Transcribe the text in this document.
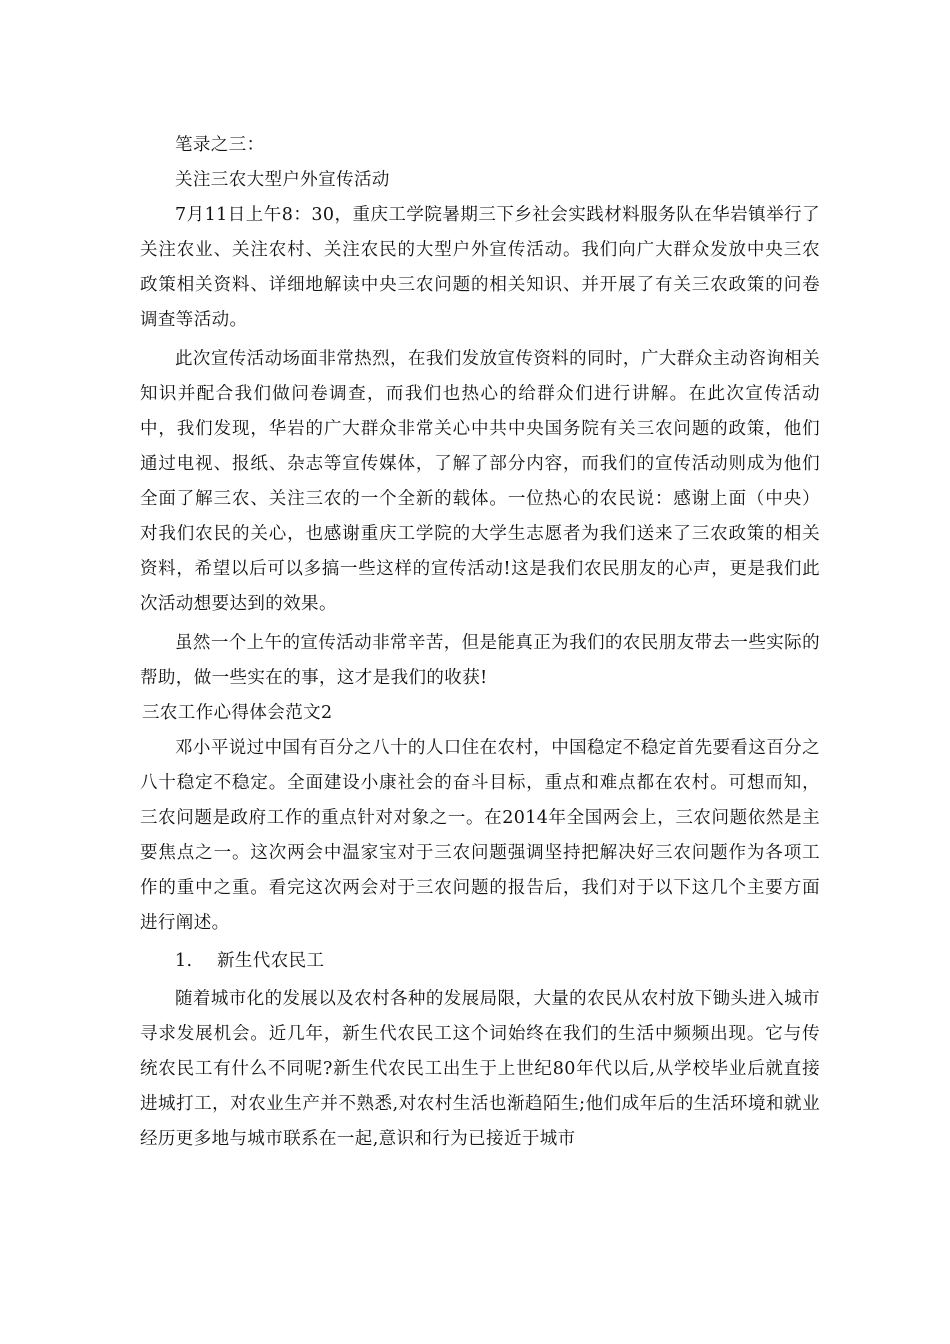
笔录之三：

关注三农大型户外宣传活动

7月11日上午8：30，重庆工学院暑期三下乡社会实践材料服务队在华岩镇举行了关注农业、关注农村、关注农民的大型户外宣传活动。我们向广大群众发放中央三农政策相关资料、详细地解读中央三农问题的相关知识、并开展了有关三农政策的问卷调查等活动。

此次宣传活动场面非常热烈，在我们发放宣传资料的同时，广大群众主动咨询相关知识并配合我们做问卷调查，而我们也热心的给群众们进行讲解。在此次宣传活动中，我们发现，华岩的广大群众非常关心中共中央国务院有关三农问题的政策，他们通过电视、报纸、杂志等宣传媒体，了解了部分内容，而我们的宣传活动则成为他们全面了解三农、关注三农的一个全新的载体。一位热心的农民说：感谢上面（中央）对我们农民的关心，也感谢重庆工学院的大学生志愿者为我们送来了三农政策的相关资料，希望以后可以多搞一些这样的宣传活动!这是我们农民朋友的心声，更是我们此次活动想要达到的效果。

虽然一个上午的宣传活动非常辛苦，但是能真正为我们的农民朋友带去一些实际的帮助，做一些实在的事，这才是我们的收获!

三农工作心得体会范文2

邓小平说过中国有百分之八十的人口住在农村，中国稳定不稳定首先要看这百分之八十稳定不稳定。全面建设小康社会的奋斗目标，重点和难点都在农村。可想而知，三农问题是政府工作的重点针对对象之一。在2014年全国两会上，三农问题依然是主要焦点之一。这次两会中温家宝对于三农问题强调坚持把解决好三农问题作为各项工作的重中之重。看完这次两会对于三农问题的报告后，我们对于以下这几个主要方面进行阐述。

1.	新生代农民工

随着城市化的发展以及农村各种的发展局限，大量的农民从农村放下锄头进入城市寻求发展机会。近几年，新生代农民工这个词始终在我们的生活中频频出现。它与传统农民工有什么不同呢?新生代农民工出生于上世纪80年代以后,从学校毕业后就直接进城打工，对农业生产并不熟悉,对农村生活也渐趋陌生;他们成年后的生活环境和就业经历更多地与城市联系在一起,意识和行为已接近于城市
